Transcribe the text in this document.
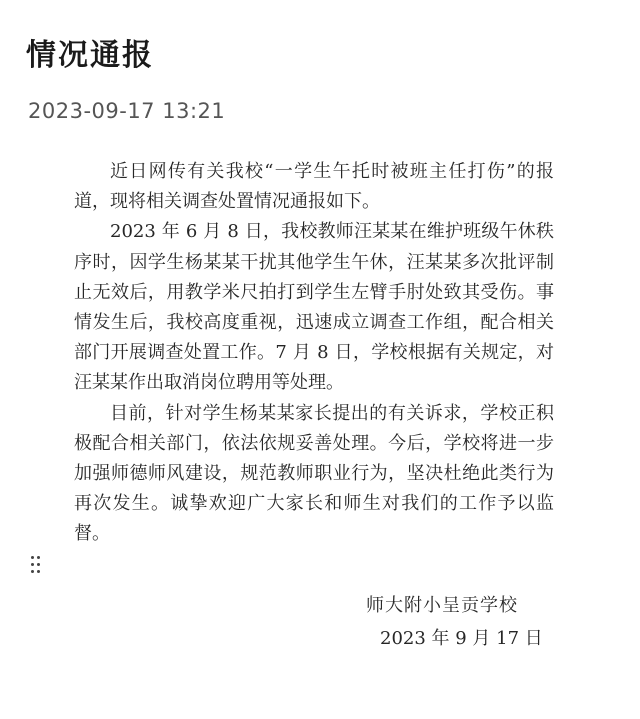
情况通报
2023-09-17 13:21

近日网传有关我校“一学生午托时被班主任打伤”的报道，现将相关调查处置情况通报如下。

2023 年 6 月 8 日，我校教师汪某某在维护班级午休秩序时，因学生杨某某干扰其他学生午休，汪某某多次批评制止无效后，用教学米尺拍打到学生左臂手肘处致其受伤。事情发生后，我校高度重视，迅速成立调查工作组，配合相关部门开展调查处置工作。7 月 8 日，学校根据有关规定，对汪某某作出取消岗位聘用等处理。

目前，针对学生杨某某家长提出的有关诉求，学校正积极配合相关部门，依法依规妥善处理。今后，学校将进一步加强师德师风建设，规范教师职业行为，坚决杜绝此类行为再次发生。诚挚欢迎广大家长和师生对我们的工作予以监督。

师大附小呈贡学校
2023 年 9 月 17 日
